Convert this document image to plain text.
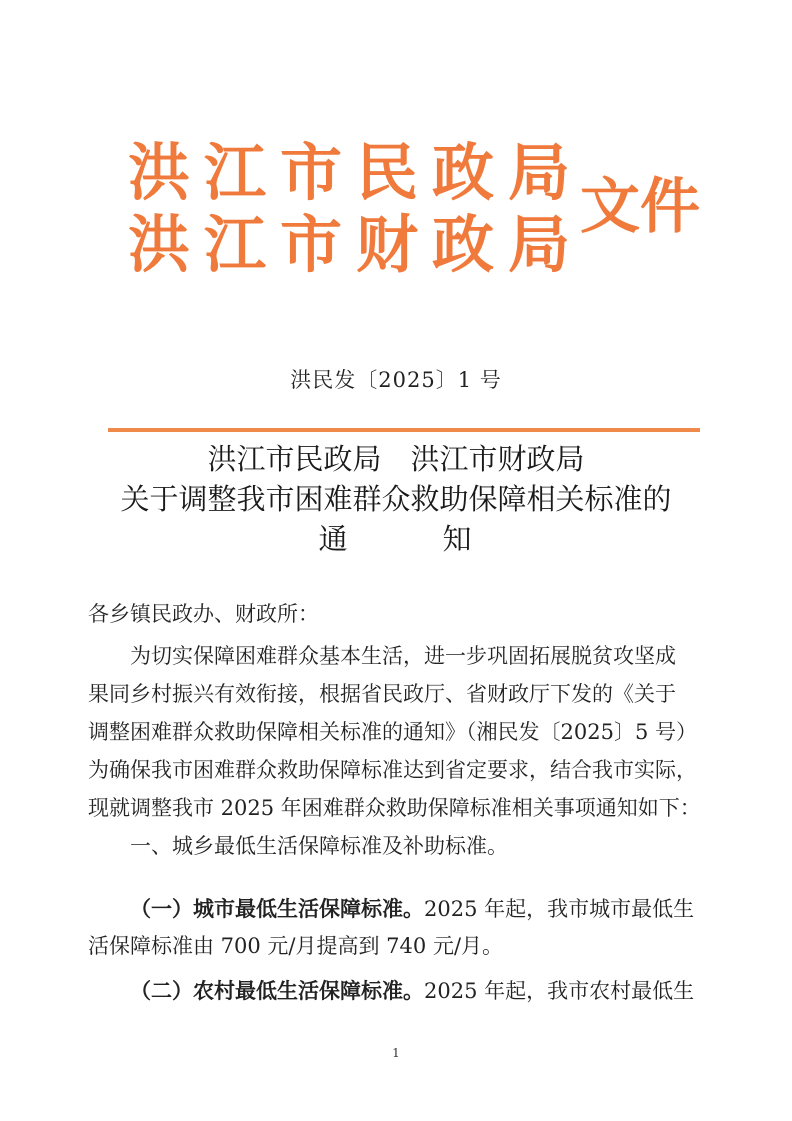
洪江市民政局
洪江市财政局
文件
洪民发〔2025〕1 号
洪江市民政局　洪江市财政局
关于调整我市困难群众救助保障相关标准的
通　　　知
各乡镇民政办、财政所：
为切实保障困难群众基本生活，进一步巩固拓展脱贫攻坚成
果同乡村振兴有效衔接，根据省民政厅、省财政厅下发的《关于
调整困难群众救助保障相关标准的通知》（湘民发〔2025〕5 号）
为确保我市困难群众救助保障标准达到省定要求，结合我市实际，
现就调整我市 2025 年困难群众救助保障标准相关事项通知如下：
一、城乡最低生活保障标准及补助标准。
（一）城市最低生活保障标准。2025 年起，我市城市最低生
活保障标准由 700 元/月提高到 740 元/月。
（二）农村最低生活保障标准。2025 年起，我市农村最低生
1
